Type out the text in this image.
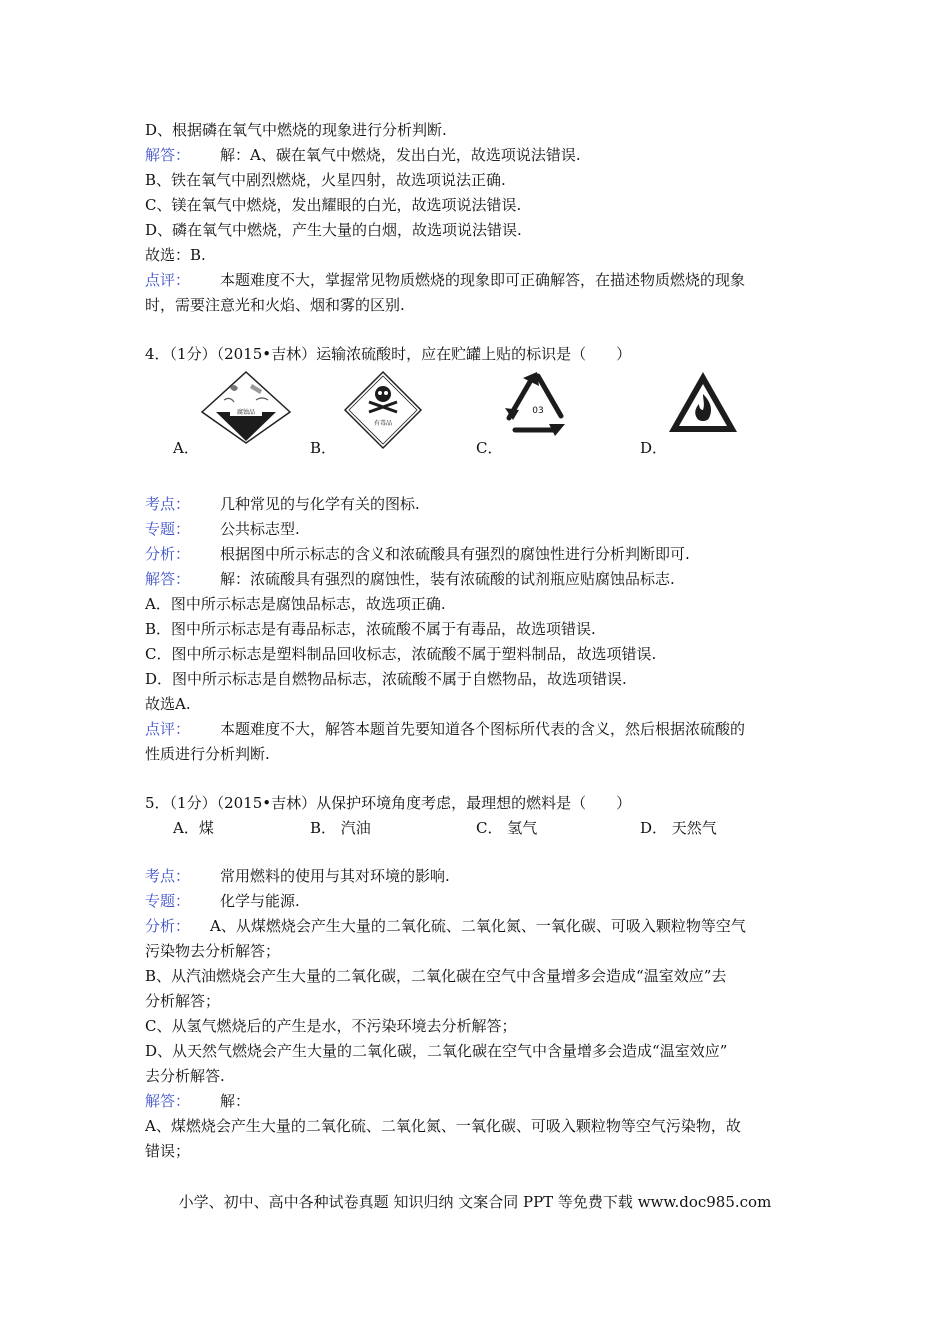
D、根据磷在氧气中燃烧的现象进行分析判断.
解答： 解：A、碳在氧气中燃烧，发出白光，故选项说法错误.
B、铁在氧气中剧烈燃烧，火星四射，故选项说法正确.
C、镁在氧气中燃烧，发出耀眼的白光，故选项说法错误.
D、磷在氧气中燃烧，产生大量的白烟，故选项说法错误.
故选：B.
点评： 本题难度不大，掌握常见物质燃烧的现象即可正确解答，在描述物质燃烧的现象
时，需要注意光和火焰、烟和雾的区别.
4．（1分）（2015•吉林）运输浓硫酸时，应在贮罐上贴的标识是（　　）
腐蚀品
有毒品
03
A．	B．	C．	D．
考点： 几种常见的与化学有关的图标.
专题： 公共标志型.
分析： 根据图中所示标志的含义和浓硫酸具有强烈的腐蚀性进行分析判断即可.
解答： 解：浓硫酸具有强烈的腐蚀性，装有浓硫酸的试剂瓶应贴腐蚀品标志.
A．图中所示标志是腐蚀品标志，故选项正确.
B．图中所示标志是有毒品标志，浓硫酸不属于有毒品，故选项错误.
C．图中所示标志是塑料制品回收标志，浓硫酸不属于塑料制品，故选项错误.
D．图中所示标志是自燃物品标志，浓硫酸不属于自燃物品，故选项错误.
故选A.
点评： 本题难度不大，解答本题首先要知道各个图标所代表的含义，然后根据浓硫酸的
性质进行分析判断.
5．（1分）（2015•吉林）从保护环境角度考虑，最理想的燃料是（　　）
A．煤	B． 汽油	C． 氢气	D． 天然气
考点： 常用燃料的使用与其对环境的影响.
专题： 化学与能源.
分析： A、从煤燃烧会产生大量的二氧化硫、二氧化氮、一氧化碳、可吸入颗粒物等空气
污染物去分析解答；
B、从汽油燃烧会产生大量的二氧化碳，二氧化碳在空气中含量增多会造成“温室效应”去
分析解答；
C、从氢气燃烧后的产生是水，不污染环境去分析解答；
D、从天然气燃烧会产生大量的二氧化碳，二氧化碳在空气中含量增多会造成“温室效应”
去分析解答.
解答： 解：
A、煤燃烧会产生大量的二氧化硫、二氧化氮、一氧化碳、可吸入颗粒物等空气污染物，故
错误；
小学、初中、高中各种试卷真题 知识归纳 文案合同 PPT 等免费下载 www.doc985.com
